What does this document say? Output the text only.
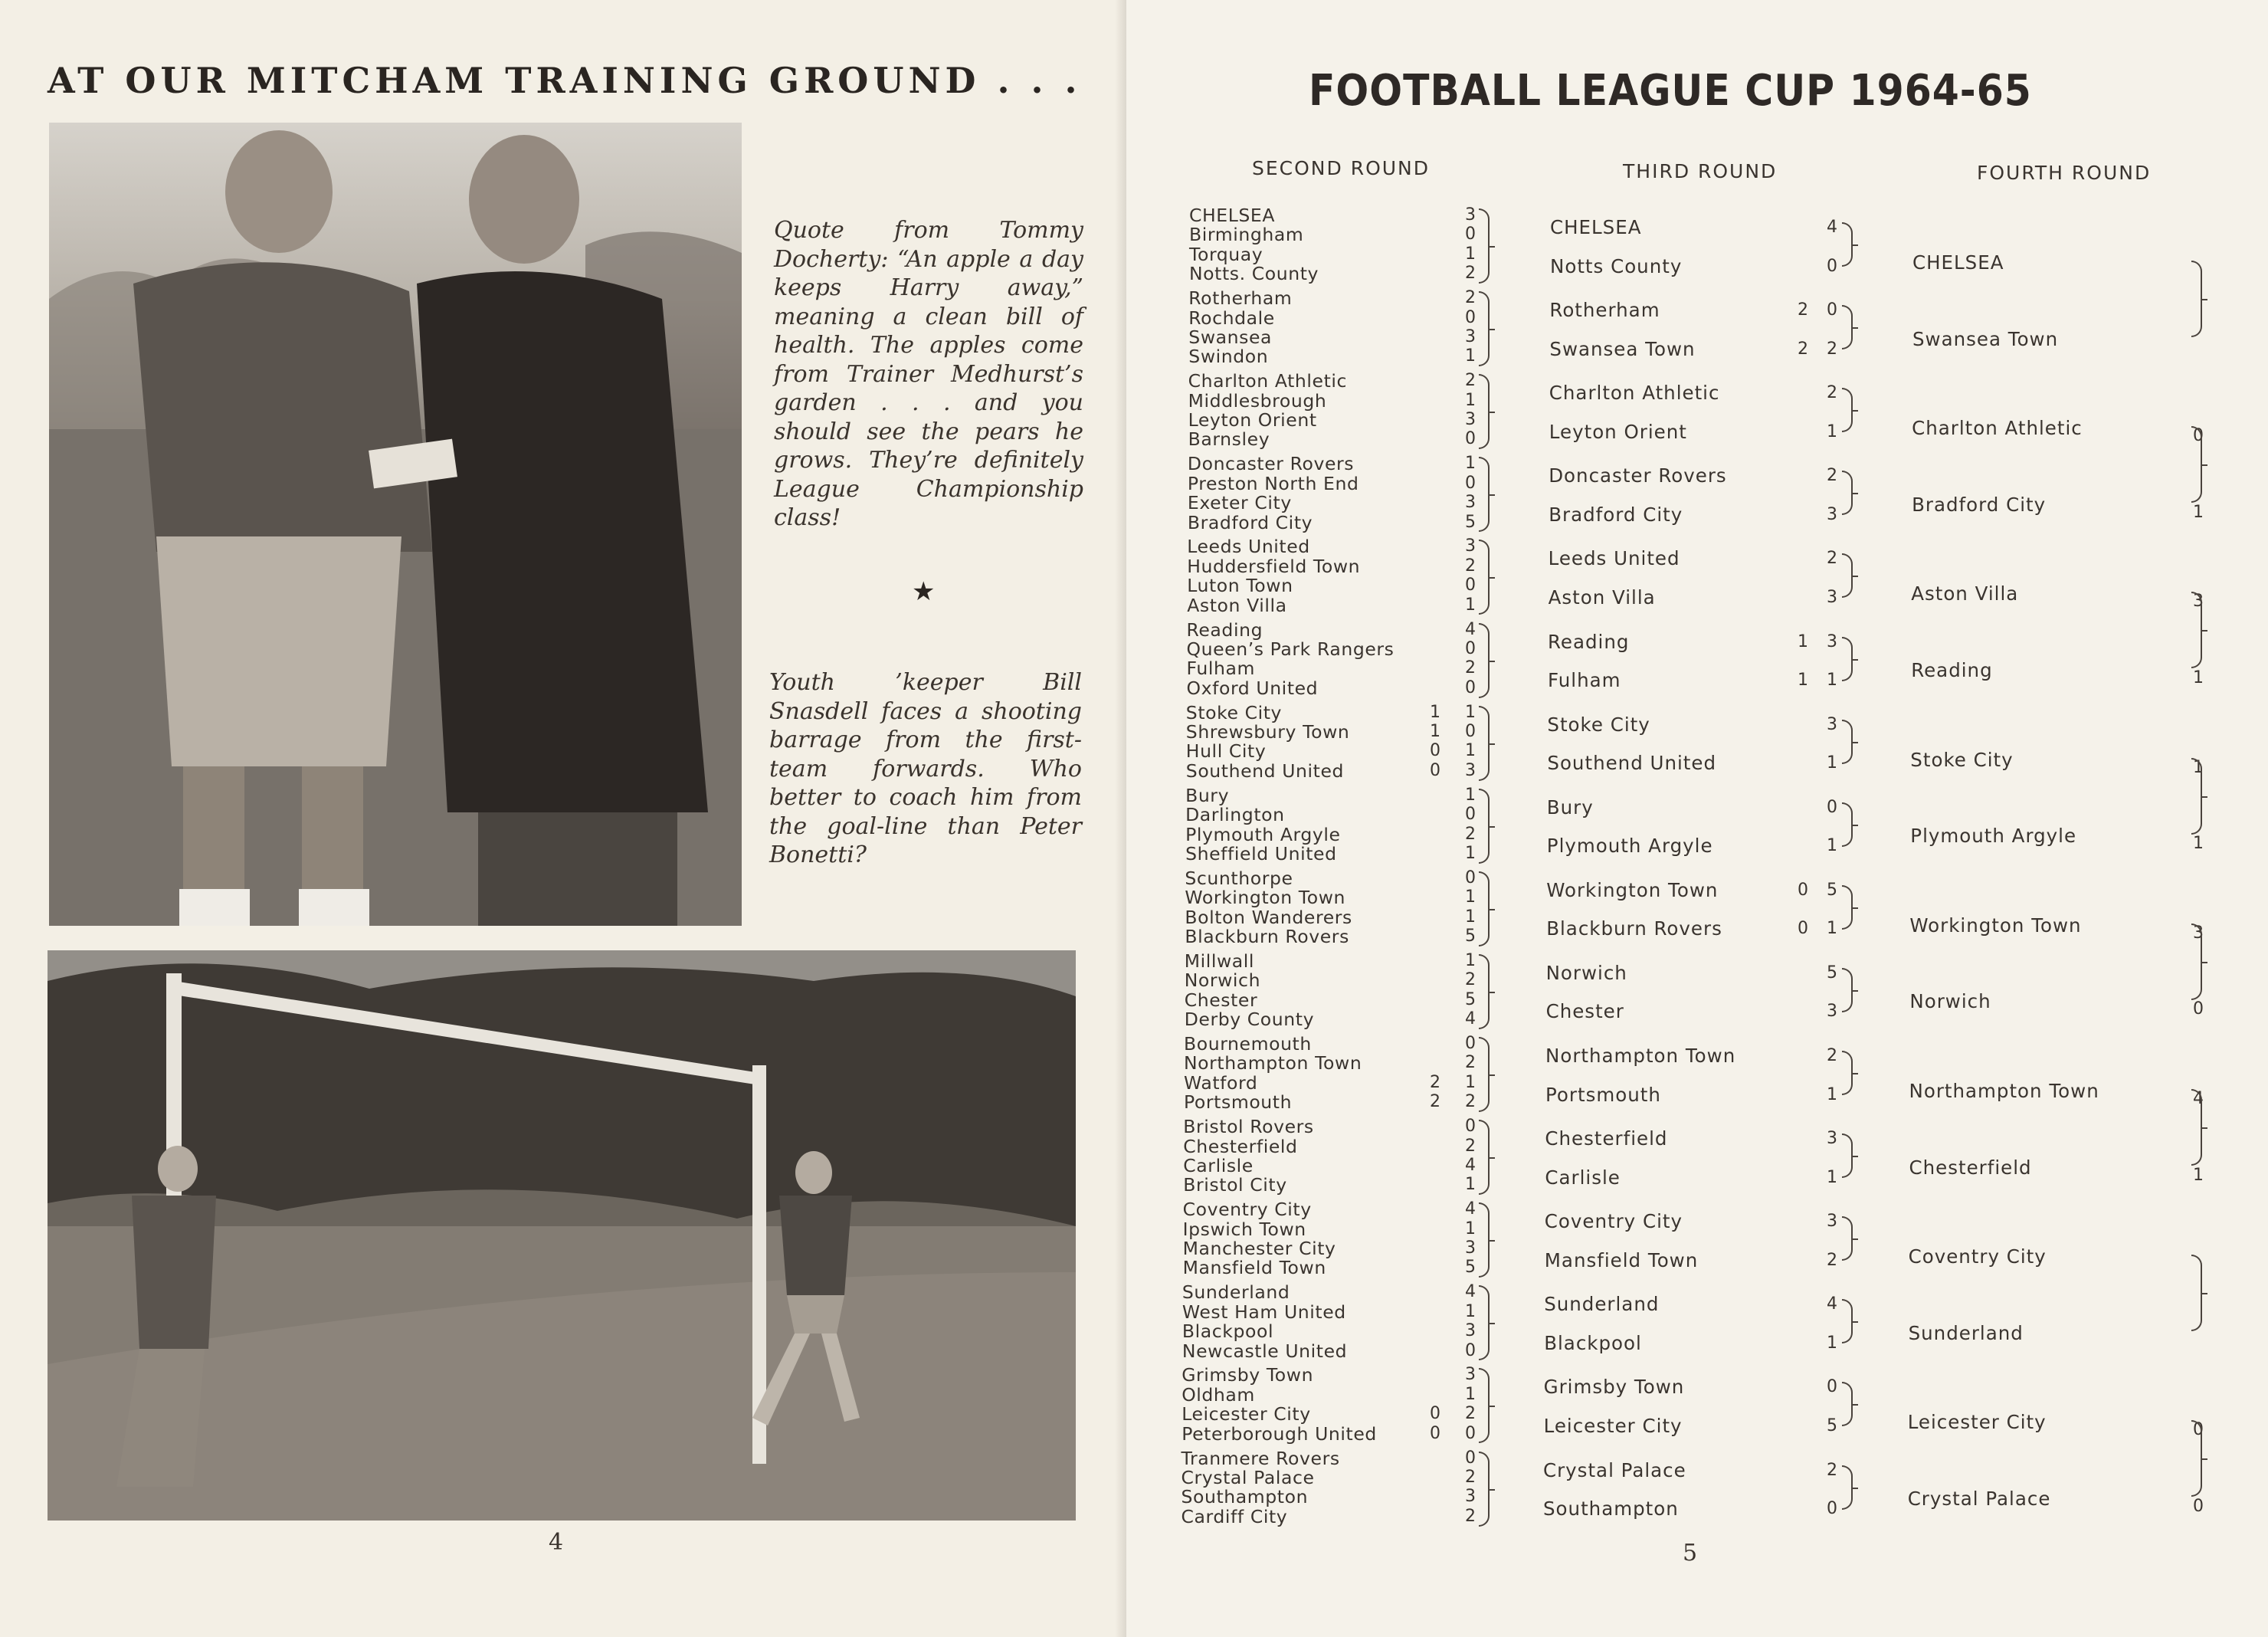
AT OUR MITCHAM TRAINING GROUND . . .
Quote from Tommy Docherty: “An apple a day keeps Harry away,” meaning a clean bill of health. The apples come from Trainer Medhurst’s garden . . . and you should see the pears he grows. They’re definitely League Championship class!
★
Youth ’keeper Bill Snasdell faces a shooting barrage from the first-team forwards. Who better to coach him from the goal-line than Peter Bonetti?
4
FOOTBALL LEAGUE CUP 1964-65
SECOND ROUND	THIRD ROUND	FOURTH ROUND
CHELSEA	3
Birmingham	0
Torquay	1
Notts. County	2
Rotherham	2
Rochdale	0
Swansea	3
Swindon	1
Charlton Athletic	2
Middlesbrough	1
Leyton Orient	3
Barnsley	0
Doncaster Rovers	1
Preston North End	0
Exeter City	3
Bradford City	5
Leeds United	3
Huddersfield Town	2
Luton Town	0
Aston Villa	1
Reading	4
Queen’s Park Rangers	0
Fulham	2
Oxford United	0
Stoke City	1	1
Shrewsbury Town	1	0
Hull City	0	1
Southend United	0	3
Bury	1
Darlington	0
Plymouth Argyle	2
Sheffield United	1
Scunthorpe	0
Workington Town	1
Bolton Wanderers	1
Blackburn Rovers	5
Millwall	1
Norwich	2
Chester	5
Derby County	4
Bournemouth	0
Northampton Town	2
Watford	2	1
Portsmouth	2	2
Bristol Rovers	0
Chesterfield	2
Carlisle	4
Bristol City	1
Coventry City	4
Ipswich Town	1
Manchester City	3
Mansfield Town	5
Sunderland	4
West Ham United	1
Blackpool	3
Newcastle United	0
Grimsby Town	3
Oldham	1
Leicester City	0	2
Peterborough United	0	0
Tranmere Rovers	0
Crystal Palace	2
Southampton	3
Cardiff City	2
CHELSEA	4
Notts County	0
Rotherham	2	0
Swansea Town	2	2
Charlton Athletic	2
Leyton Orient	1
Doncaster Rovers	2
Bradford City	3
Leeds United	2
Aston Villa	3
Reading	1	3
Fulham	1	1
Stoke City	3
Southend United	1
Bury	0
Plymouth Argyle	1
Workington Town	0	5
Blackburn Rovers	0	1
Norwich	5
Chester	3
Northampton Town	2
Portsmouth	1
Chesterfield	3
Carlisle	1
Coventry City	3
Mansfield Town	2
Sunderland	4
Blackpool	1
Grimsby Town	0
Leicester City	5
Crystal Palace	2
Southampton	0
CHELSEA
Swansea Town
Charlton Athletic	0
Bradford City	1
Aston Villa	3
Reading	1
Stoke City	1
Plymouth Argyle	1
Workington Town	3
Norwich	0
Northampton Town	4
Chesterfield	1
Coventry City
Sunderland
Leicester City	0
Crystal Palace	0
5
